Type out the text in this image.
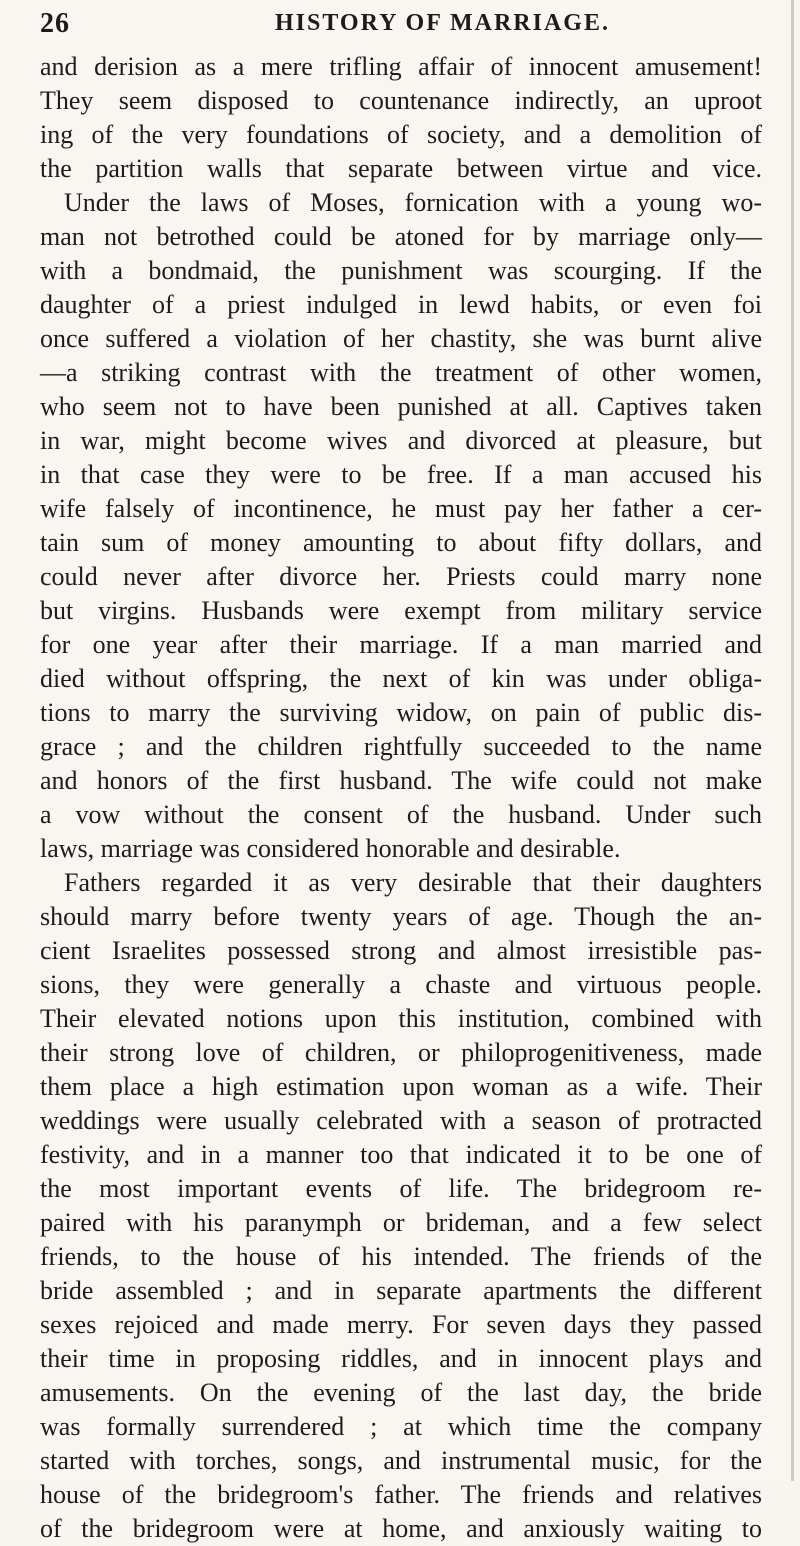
26	HISTORY OF MARRIAGE.
and derision as a mere trifling affair of innocent amusement!
They seem disposed to countenance indirectly, an uproot
ing of the very foundations of society, and a demolition of
the partition walls that separate between virtue and vice.
Under the laws of Moses, fornication with a young wo-
man not betrothed could be atoned for by marriage only—
with a bondmaid, the punishment was scourging. If the
daughter of a priest indulged in lewd habits, or even foi
once suffered a violation of her chastity, she was burnt alive
—a striking contrast with the treatment of other women,
who seem not to have been punished at all. Captives taken
in war, might become wives and divorced at pleasure, but
in that case they were to be free. If a man accused his
wife falsely of incontinence, he must pay her father a cer-
tain sum of money amounting to about fifty dollars, and
could never after divorce her. Priests could marry none
but virgins. Husbands were exempt from military service
for one year after their marriage. If a man married and
died without offspring, the next of kin was under obliga-
tions to marry the surviving widow, on pain of public dis-
grace ; and the children rightfully succeeded to the name
and honors of the first husband. The wife could not make
a vow without the consent of the husband. Under such
laws, marriage was considered honorable and desirable.
Fathers regarded it as very desirable that their daughters
should marry before twenty years of age. Though the an-
cient Israelites possessed strong and almost irresistible pas-
sions, they were generally a chaste and virtuous people.
Their elevated notions upon this institution, combined with
their strong love of children, or philoprogenitiveness, made
them place a high estimation upon woman as a wife. Their
weddings were usually celebrated with a season of protracted
festivity, and in a manner too that indicated it to be one of
the most important events of life. The bridegroom re-
paired with his paranymph or brideman, and a few select
friends, to the house of his intended. The friends of the
bride assembled ; and in separate apartments the different
sexes rejoiced and made merry. For seven days they passed
their time in proposing riddles, and in innocent plays and
amusements. On the evening of the last day, the bride
was formally surrendered ; at which time the company
started with torches, songs, and instrumental music, for the
house of the bridegroom's father. The friends and relatives
of the bridegroom were at home, and anxiously waiting to
